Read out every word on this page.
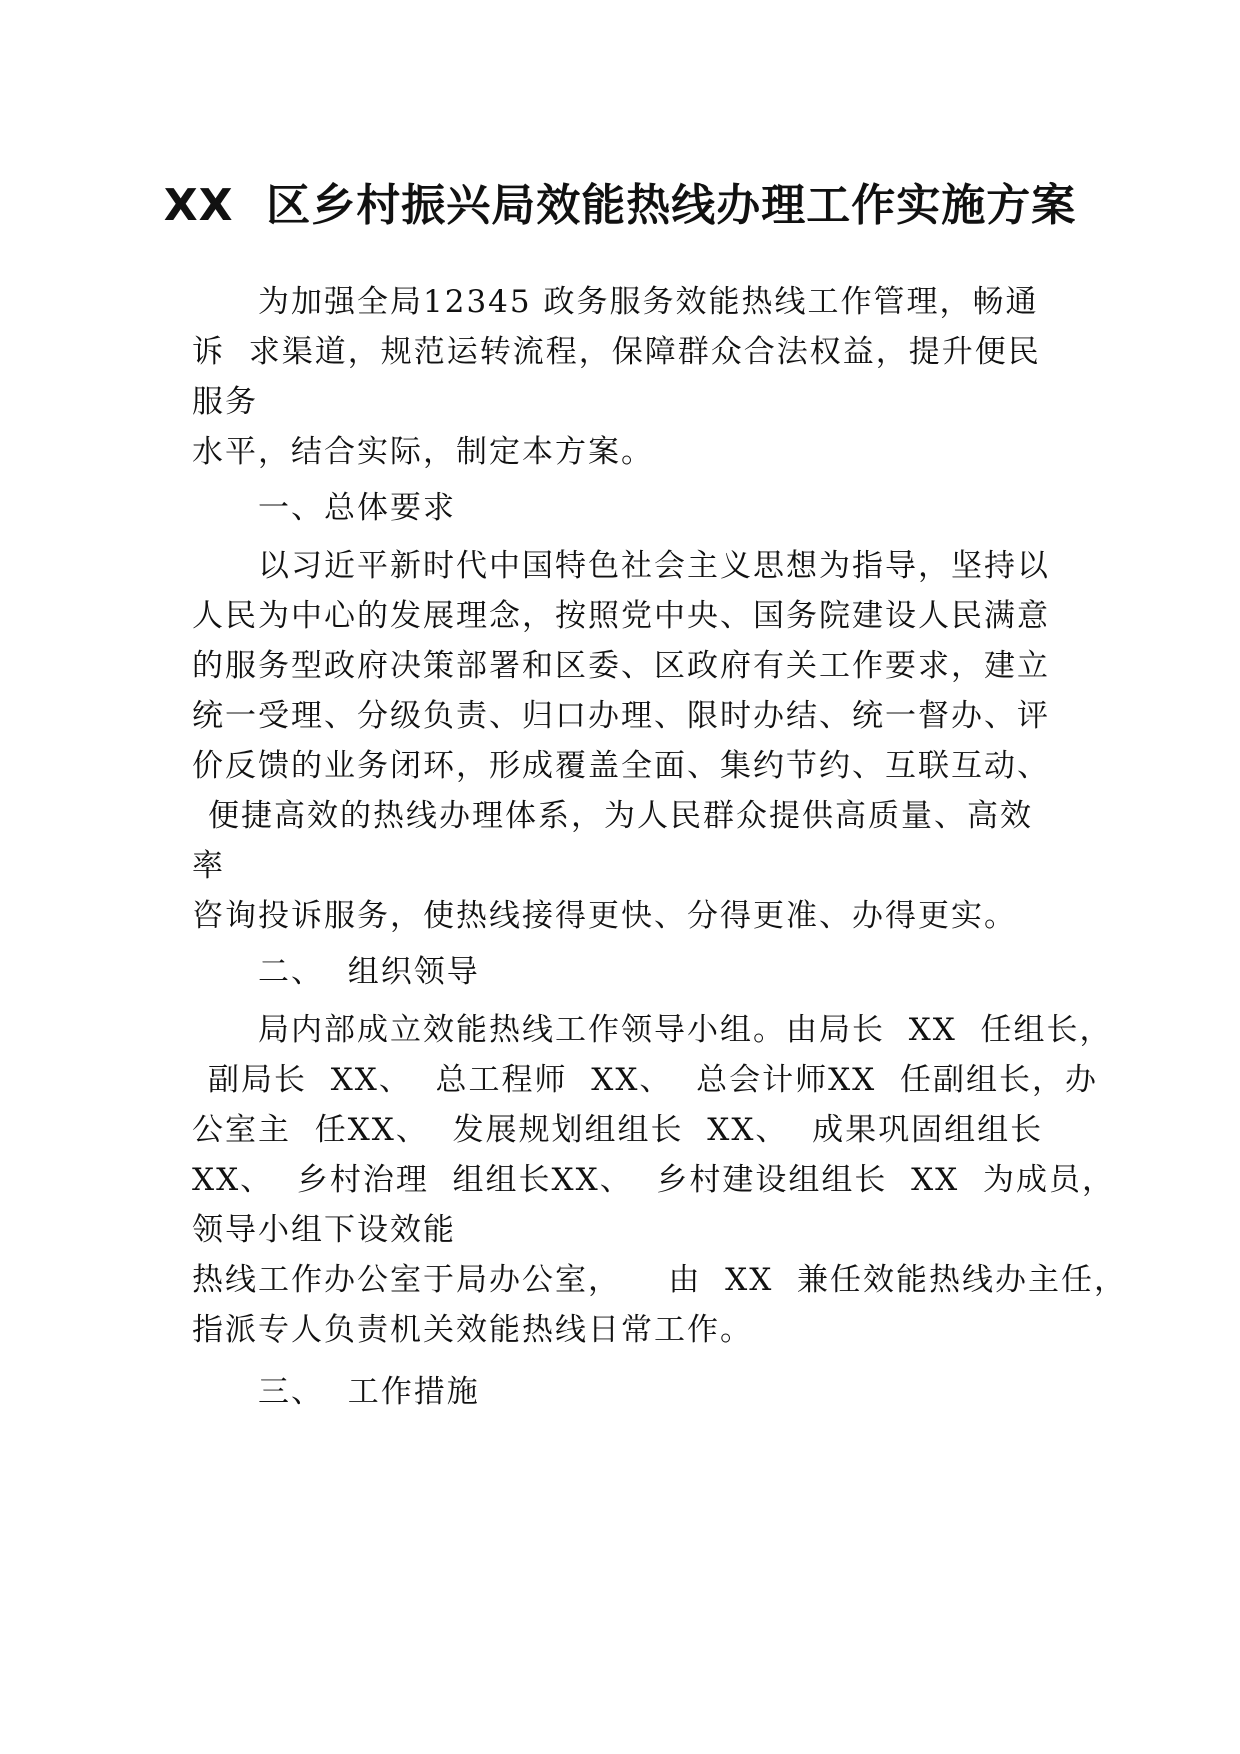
XX  区乡村振兴局效能热线办理工作实施方案
为加强全局12345 政务服务效能热线工作管理，畅通
诉  求渠道，规范运转流程，保障群众合法权益，提升便民
服务
水平，结合实际，制定本方案。
一、总体要求
以习近平新时代中国特色社会主义思想为指导，坚持以
人民为中心的发展理念，按照党中央、国务院建设人民满意
的服务型政府决策部署和区委、区政府有关工作要求，建立
统一受理、分级负责、归口办理、限时办结、统一督办、评
价反馈的业务闭环，形成覆盖全面、集约节约、互联互动、
便捷高效的热线办理体系，为人民群众提供高质量、高效
率
咨询投诉服务，使热线接得更快、分得更准、办得更实。
二、  组织领导
局内部成立效能热线工作领导小组。由局长  XX  任组长，
副局长  XX、  总工程师  XX、  总会计师XX  任副组长，办
公室主  任XX、  发展规划组组长  XX、  成果巩固组组长
XX、  乡村治理  组组长XX、  乡村建设组组长  XX  为成员，
领导小组下设效能
热线工作办公室于局办公室，    由  XX  兼任效能热线办主任，
指派专人负责机关效能热线日常工作。
三、  工作措施
